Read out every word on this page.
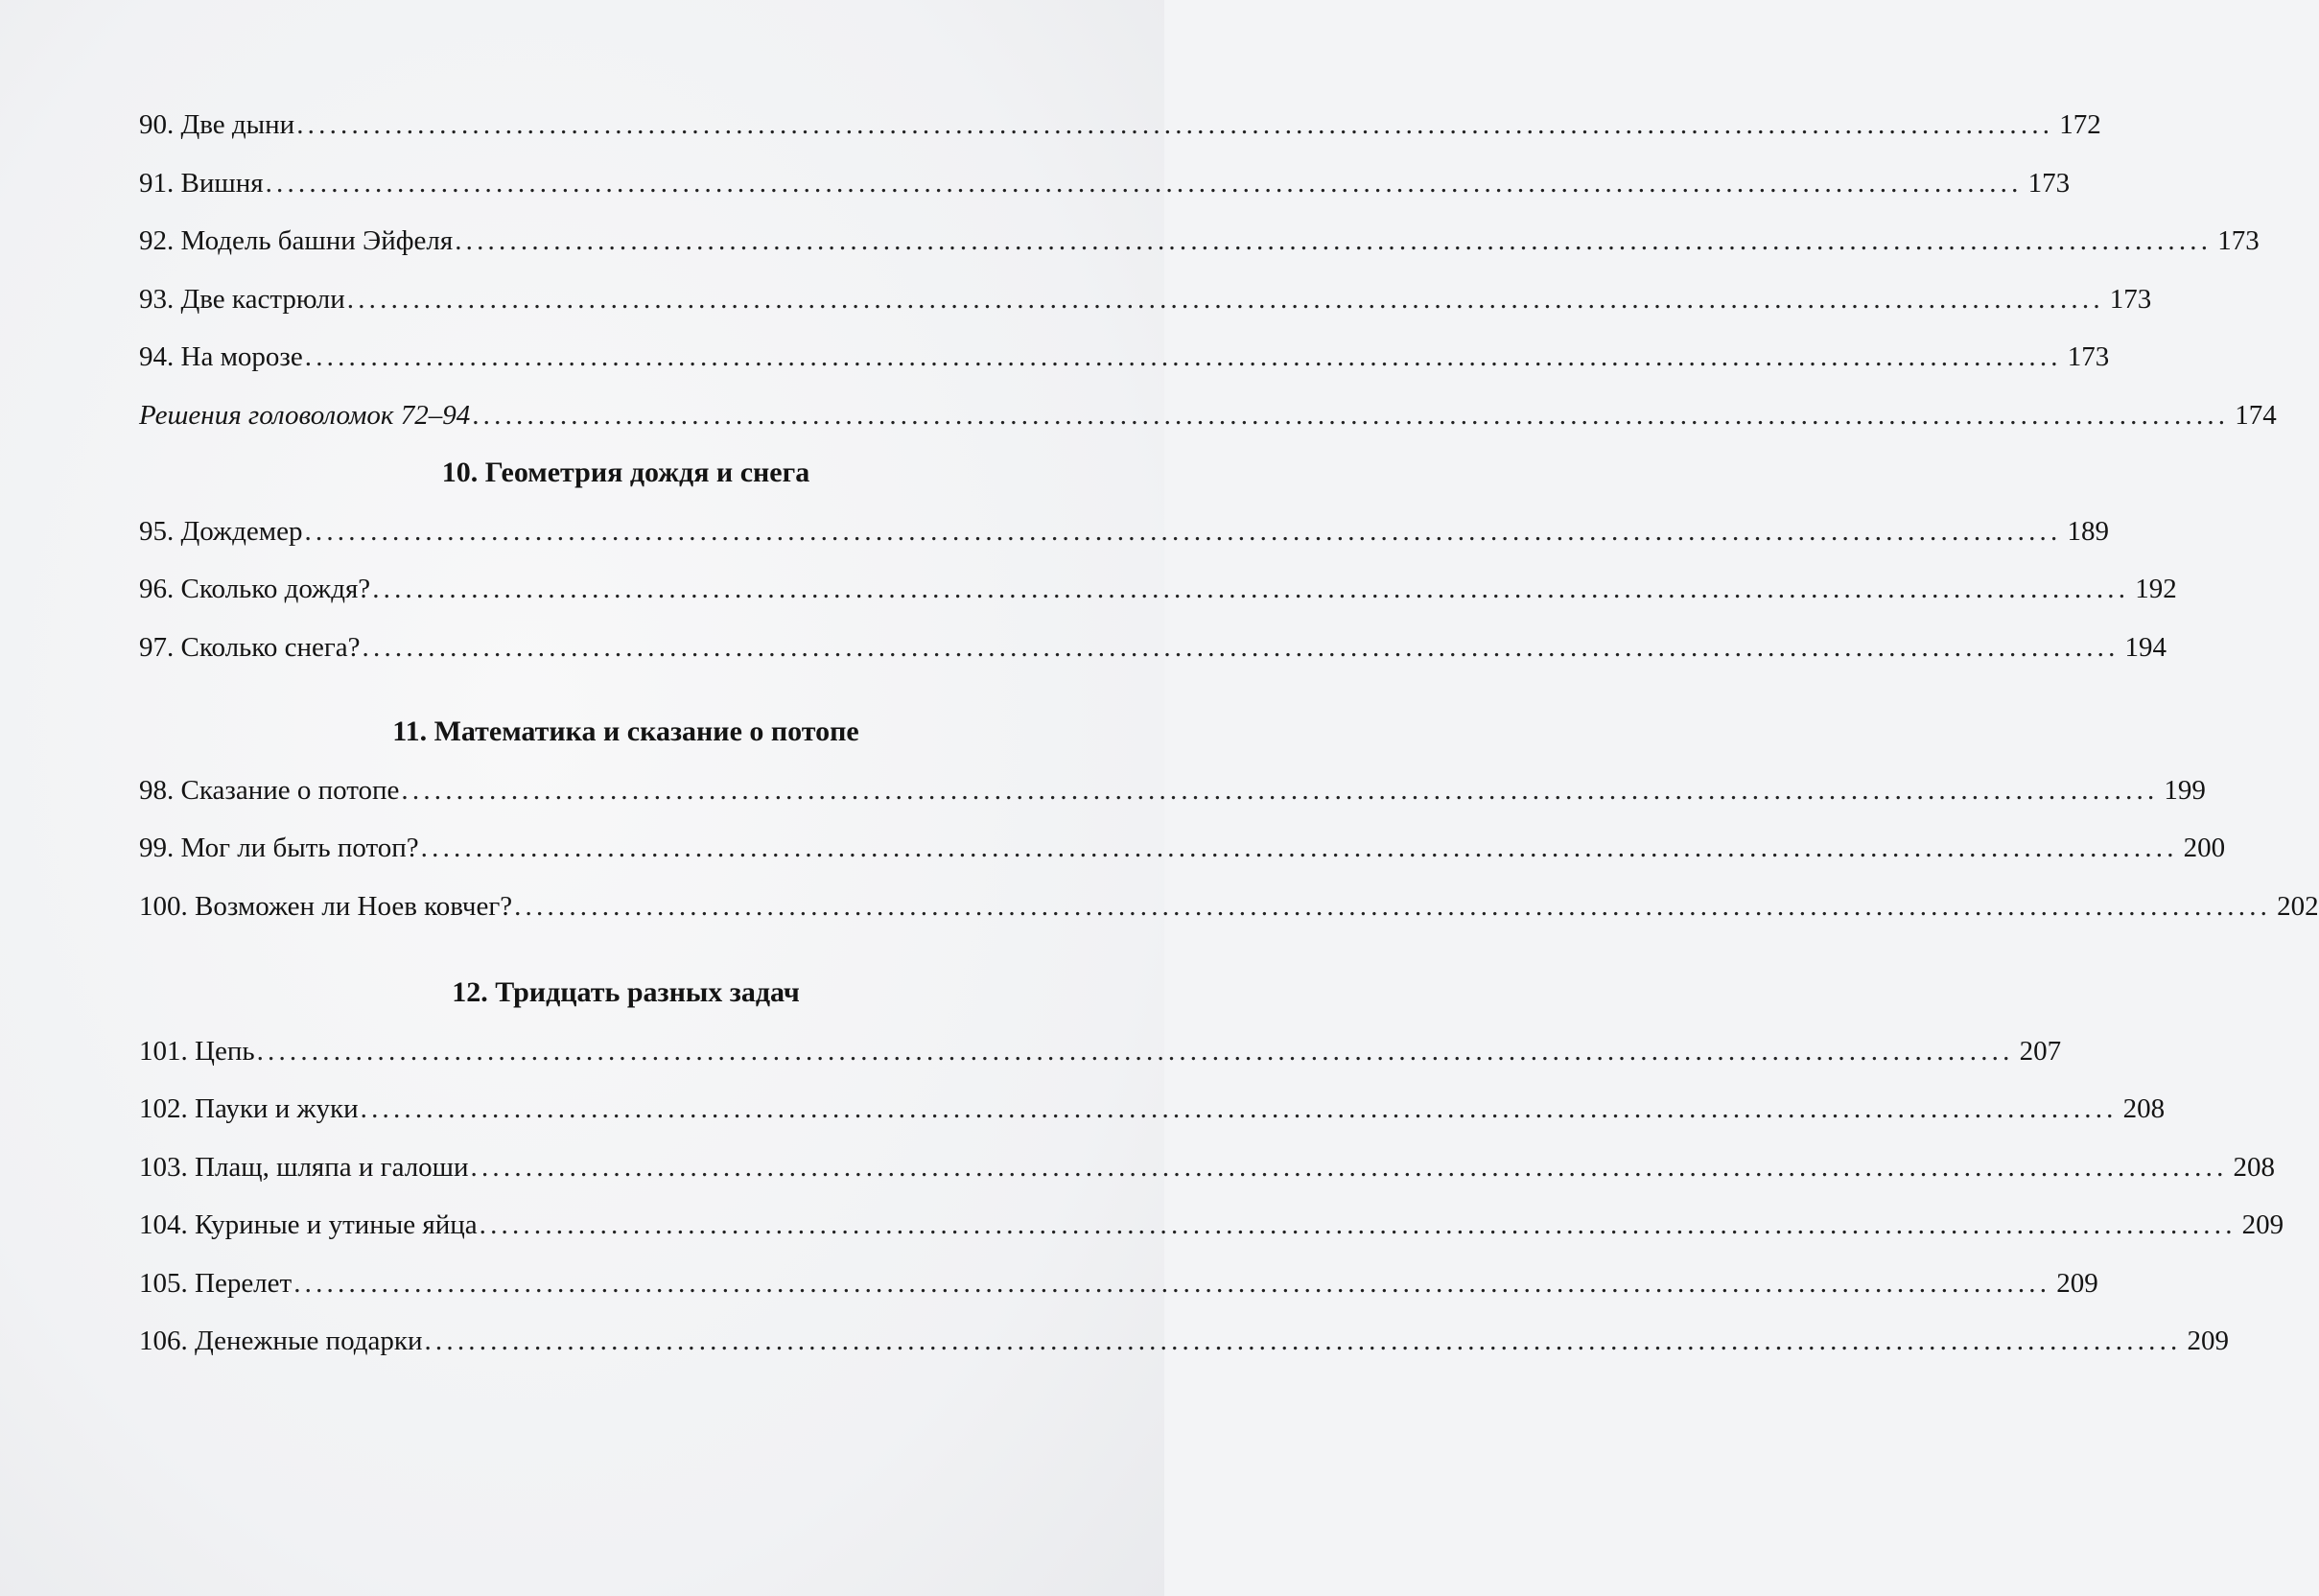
90. Две дыни ................................................................................................................................................................ 172
91. Вишня ................................................................................................................................................................ 173
92. Модель башни Эйфеля ................................................................................................................................................................ 173
93. Две кастрюли ................................................................................................................................................................ 173
94. На морозе ................................................................................................................................................................ 173
Решения головоломок 72–94 ................................................................................................................................................................ 174
10. Геометрия дождя и снега
95. Дождемер ................................................................................................................................................................ 189
96. Сколько дождя? ................................................................................................................................................................ 192
97. Сколько снега? ................................................................................................................................................................ 194
11. Математика и сказание о потопе
98. Сказание о потопе ................................................................................................................................................................ 199
99. Мог ли быть потоп? ................................................................................................................................................................ 200
100. Возможен ли Ноев ковчег? ................................................................................................................................................................ 202
12. Тридцать разных задач
101. Цепь ................................................................................................................................................................ 207
102. Пауки и жуки ................................................................................................................................................................ 208
103. Плащ, шляпа и галоши ................................................................................................................................................................ 208
104. Куриные и утиные яйца ................................................................................................................................................................ 209
105. Перелет ................................................................................................................................................................ 209
106. Денежные подарки ................................................................................................................................................................ 209
